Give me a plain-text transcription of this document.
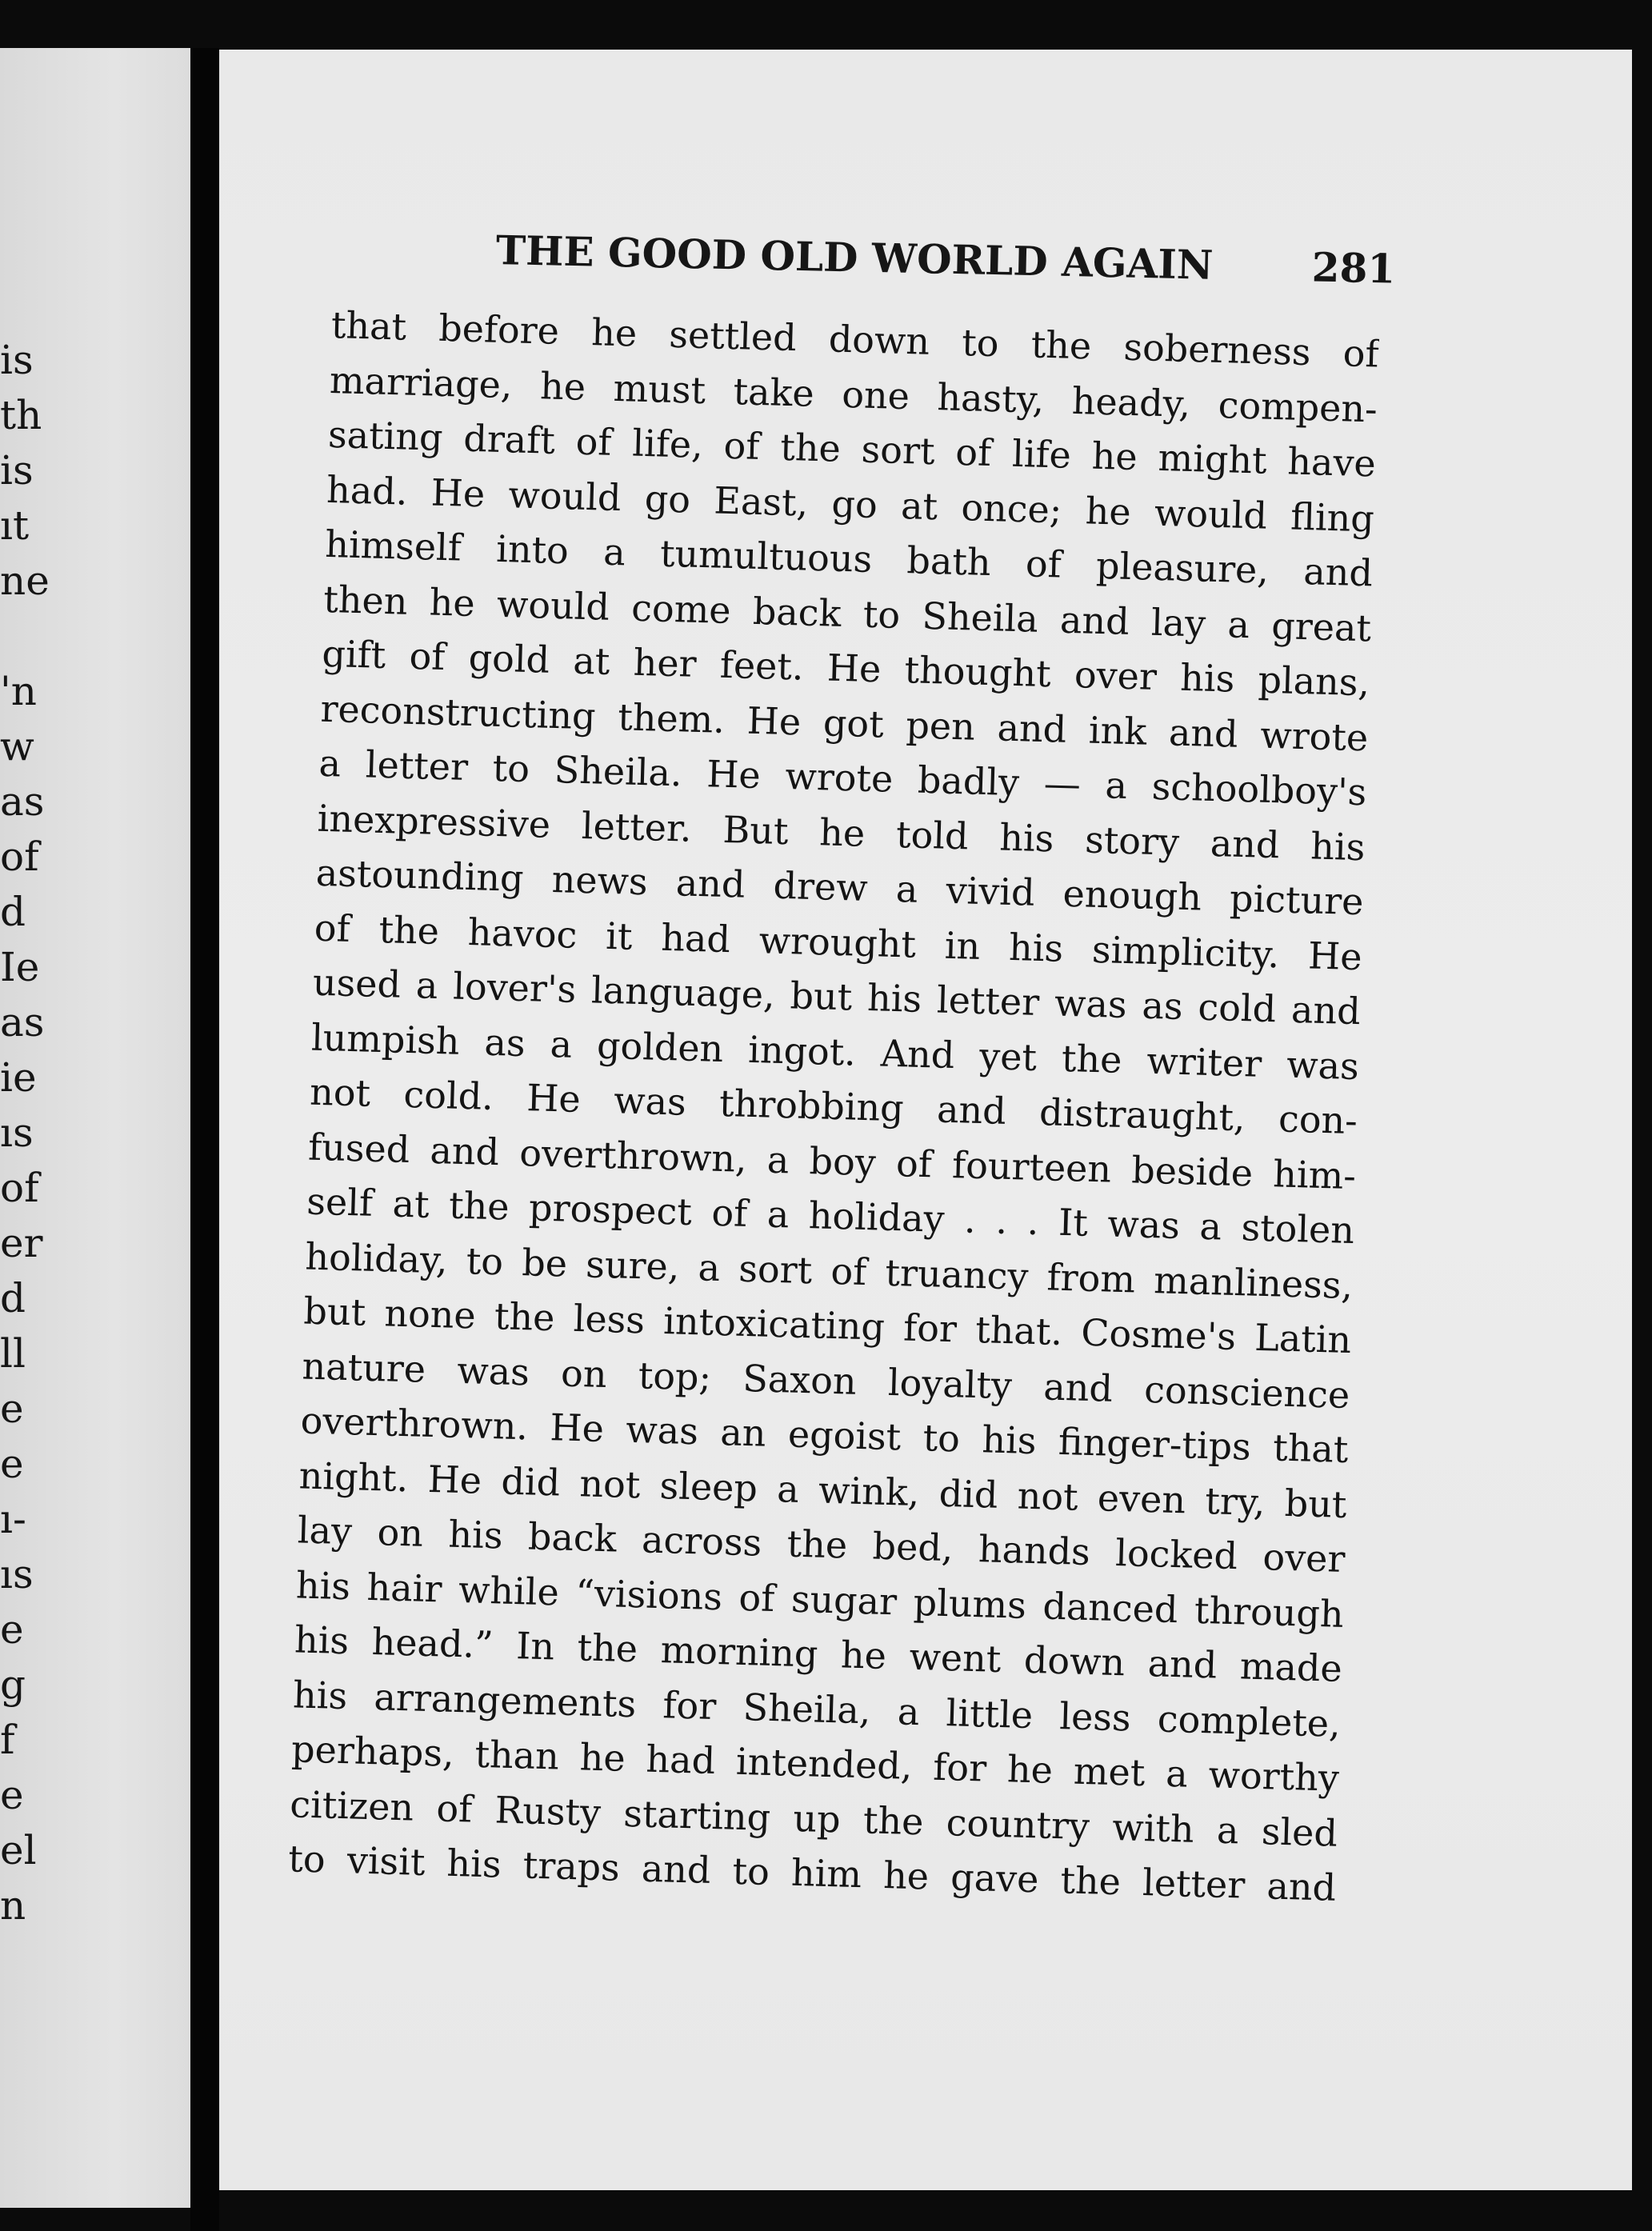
is
th
is
ıt
ne
'n
w
as
of
d
Ie
as
ie
ıs
of
er
d
ll
e
e
ı-
ıs
e
g
f
e
el
n
THE GOOD OLD WORLD AGAIN 281
that before he settled down to the soberness of
marriage, he must take one hasty, heady, compen-
sating draft of life, of the sort of life he might have
had. He would go East, go at once; he would fling
himself into a tumultuous bath of pleasure, and
then he would come back to Sheila and lay a great
gift of gold at her feet. He thought over his plans,
reconstructing them. He got pen and ink and wrote
a letter to Sheila. He wrote badly — a schoolboy's
inexpressive letter. But he told his story and his
astounding news and drew a vivid enough picture
of the havoc it had wrought in his simplicity. He
used a lover's language, but his letter was as cold and
lumpish as a golden ingot. And yet the writer was
not cold. He was throbbing and distraught, con-
fused and overthrown, a boy of fourteen beside him-
self at the prospect of a holiday . . . It was a stolen
holiday, to be sure, a sort of truancy from manliness,
but none the less intoxicating for that. Cosme's Latin
nature was on top; Saxon loyalty and conscience
overthrown. He was an egoist to his finger-tips that
night. He did not sleep a wink, did not even try, but
lay on his back across the bed, hands locked over
his hair while “visions of sugar plums danced through
his head.” In the morning he went down and made
his arrangements for Sheila, a little less complete,
perhaps, than he had intended, for he met a worthy
citizen of Rusty starting up the country with a sled
to visit his traps and to him he gave the letter and
